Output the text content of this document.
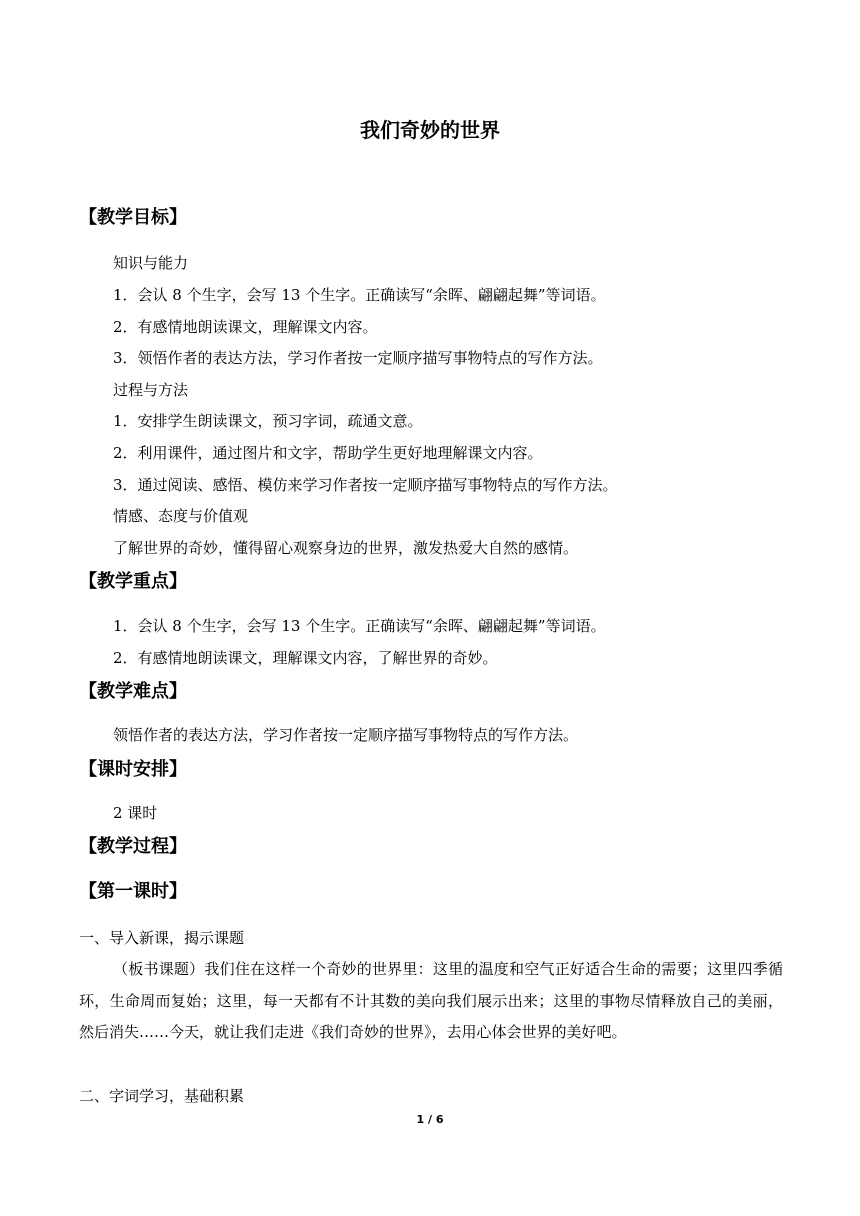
我们奇妙的世界
【教学目标】
知识与能力
1．会认 8 个生字，会写 13 个生字。正确读写“余晖、翩翩起舞”等词语。
2．有感情地朗读课文，理解课文内容。
3．领悟作者的表达方法，学习作者按一定顺序描写事物特点的写作方法。
过程与方法
1．安排学生朗读课文，预习字词，疏通文意。
2．利用课件，通过图片和文字，帮助学生更好地理解课文内容。
3．通过阅读、感悟、模仿来学习作者按一定顺序描写事物特点的写作方法。
情感、态度与价值观
了解世界的奇妙，懂得留心观察身边的世界，激发热爱大自然的感情。
【教学重点】
1．会认 8 个生字，会写 13 个生字。正确读写“余晖、翩翩起舞”等词语。
2．有感情地朗读课文，理解课文内容，了解世界的奇妙。
【教学难点】
领悟作者的表达方法，学习作者按一定顺序描写事物特点的写作方法。
【课时安排】
2 课时
【教学过程】
【第一课时】
一、导入新课，揭示课题
（板书课题）我们住在这样一个奇妙的世界里：这里的温度和空气正好适合生命的需要；这里四季循环，生命周而复始；这里，每一天都有不计其数的美向我们展示出来；这里的事物尽情释放自己的美丽，然后消失……今天，就让我们走进《我们奇妙的世界》，去用心体会世界的美好吧。
二、字词学习，基础积累
1 / 6
